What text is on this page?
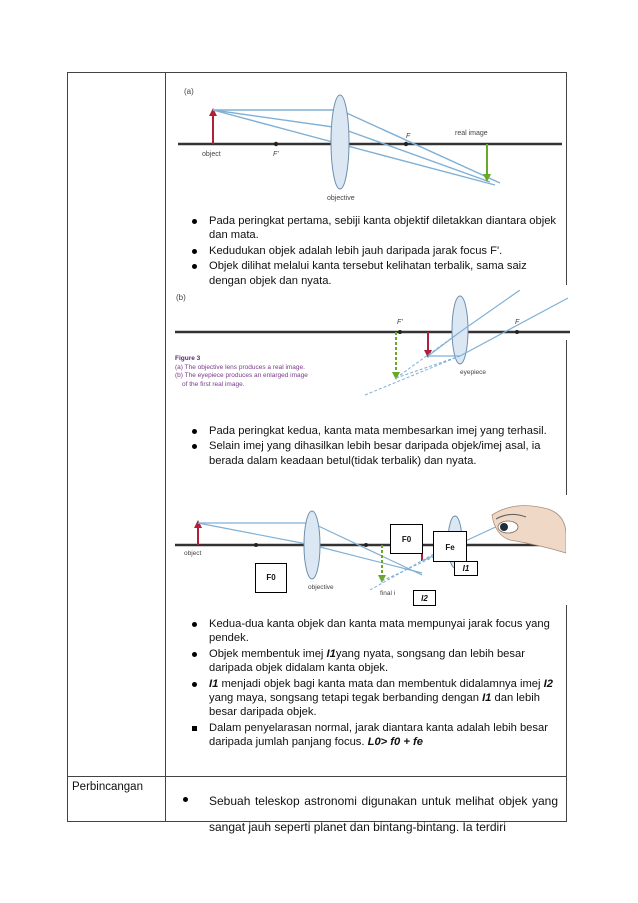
(a)
object	F'
F	real image
objective
Pada peringkat pertama, sebiji kanta objektif diletakkan diantara objek dan mata.
Kedudukan objek adalah lebih jauh daripada jarak focus F'.
Objek dilihat melalui kanta tersebut kelihatan terbalik, sama saiz dengan objek dan nyata.
(b)
F'	F
eyepiece
Figure 3
(a) The objective lens produces a real image.
(b) The eyepiece produces an enlarged image
of the first real image.
Pada peringkat kedua, kanta mata membesarkan imej yang terhasil.
Selain imej yang dihasilkan lebih besar daripada objek/imej asal, ia berada dalam keadaan betul(tidak terbalik) dan nyata.
object
objective
final i
F0
Fe
I1
F0
I2
Kedua-dua kanta objek dan kanta mata mempunyai jarak focus yang pendek.
Objek membentuk imej I1yang nyata, songsang dan lebih besar daripada objek didalam kanta objek.
I1 menjadi objek bagi kanta mata dan membentuk didalamnya imej I2 yang maya, songsang tetapi tegak berbanding dengan I1 dan lebih besar daripada objek.
Dalam penyelarasan normal, jarak diantara kanta adalah lebih besar daripada jumlah panjang focus. L0> f0 + fe
Perbincangan
Sebuah teleskop astronomi digunakan untuk melihat objek yang sangat jauh seperti planet dan bintang-bintang. Ia terdiri
